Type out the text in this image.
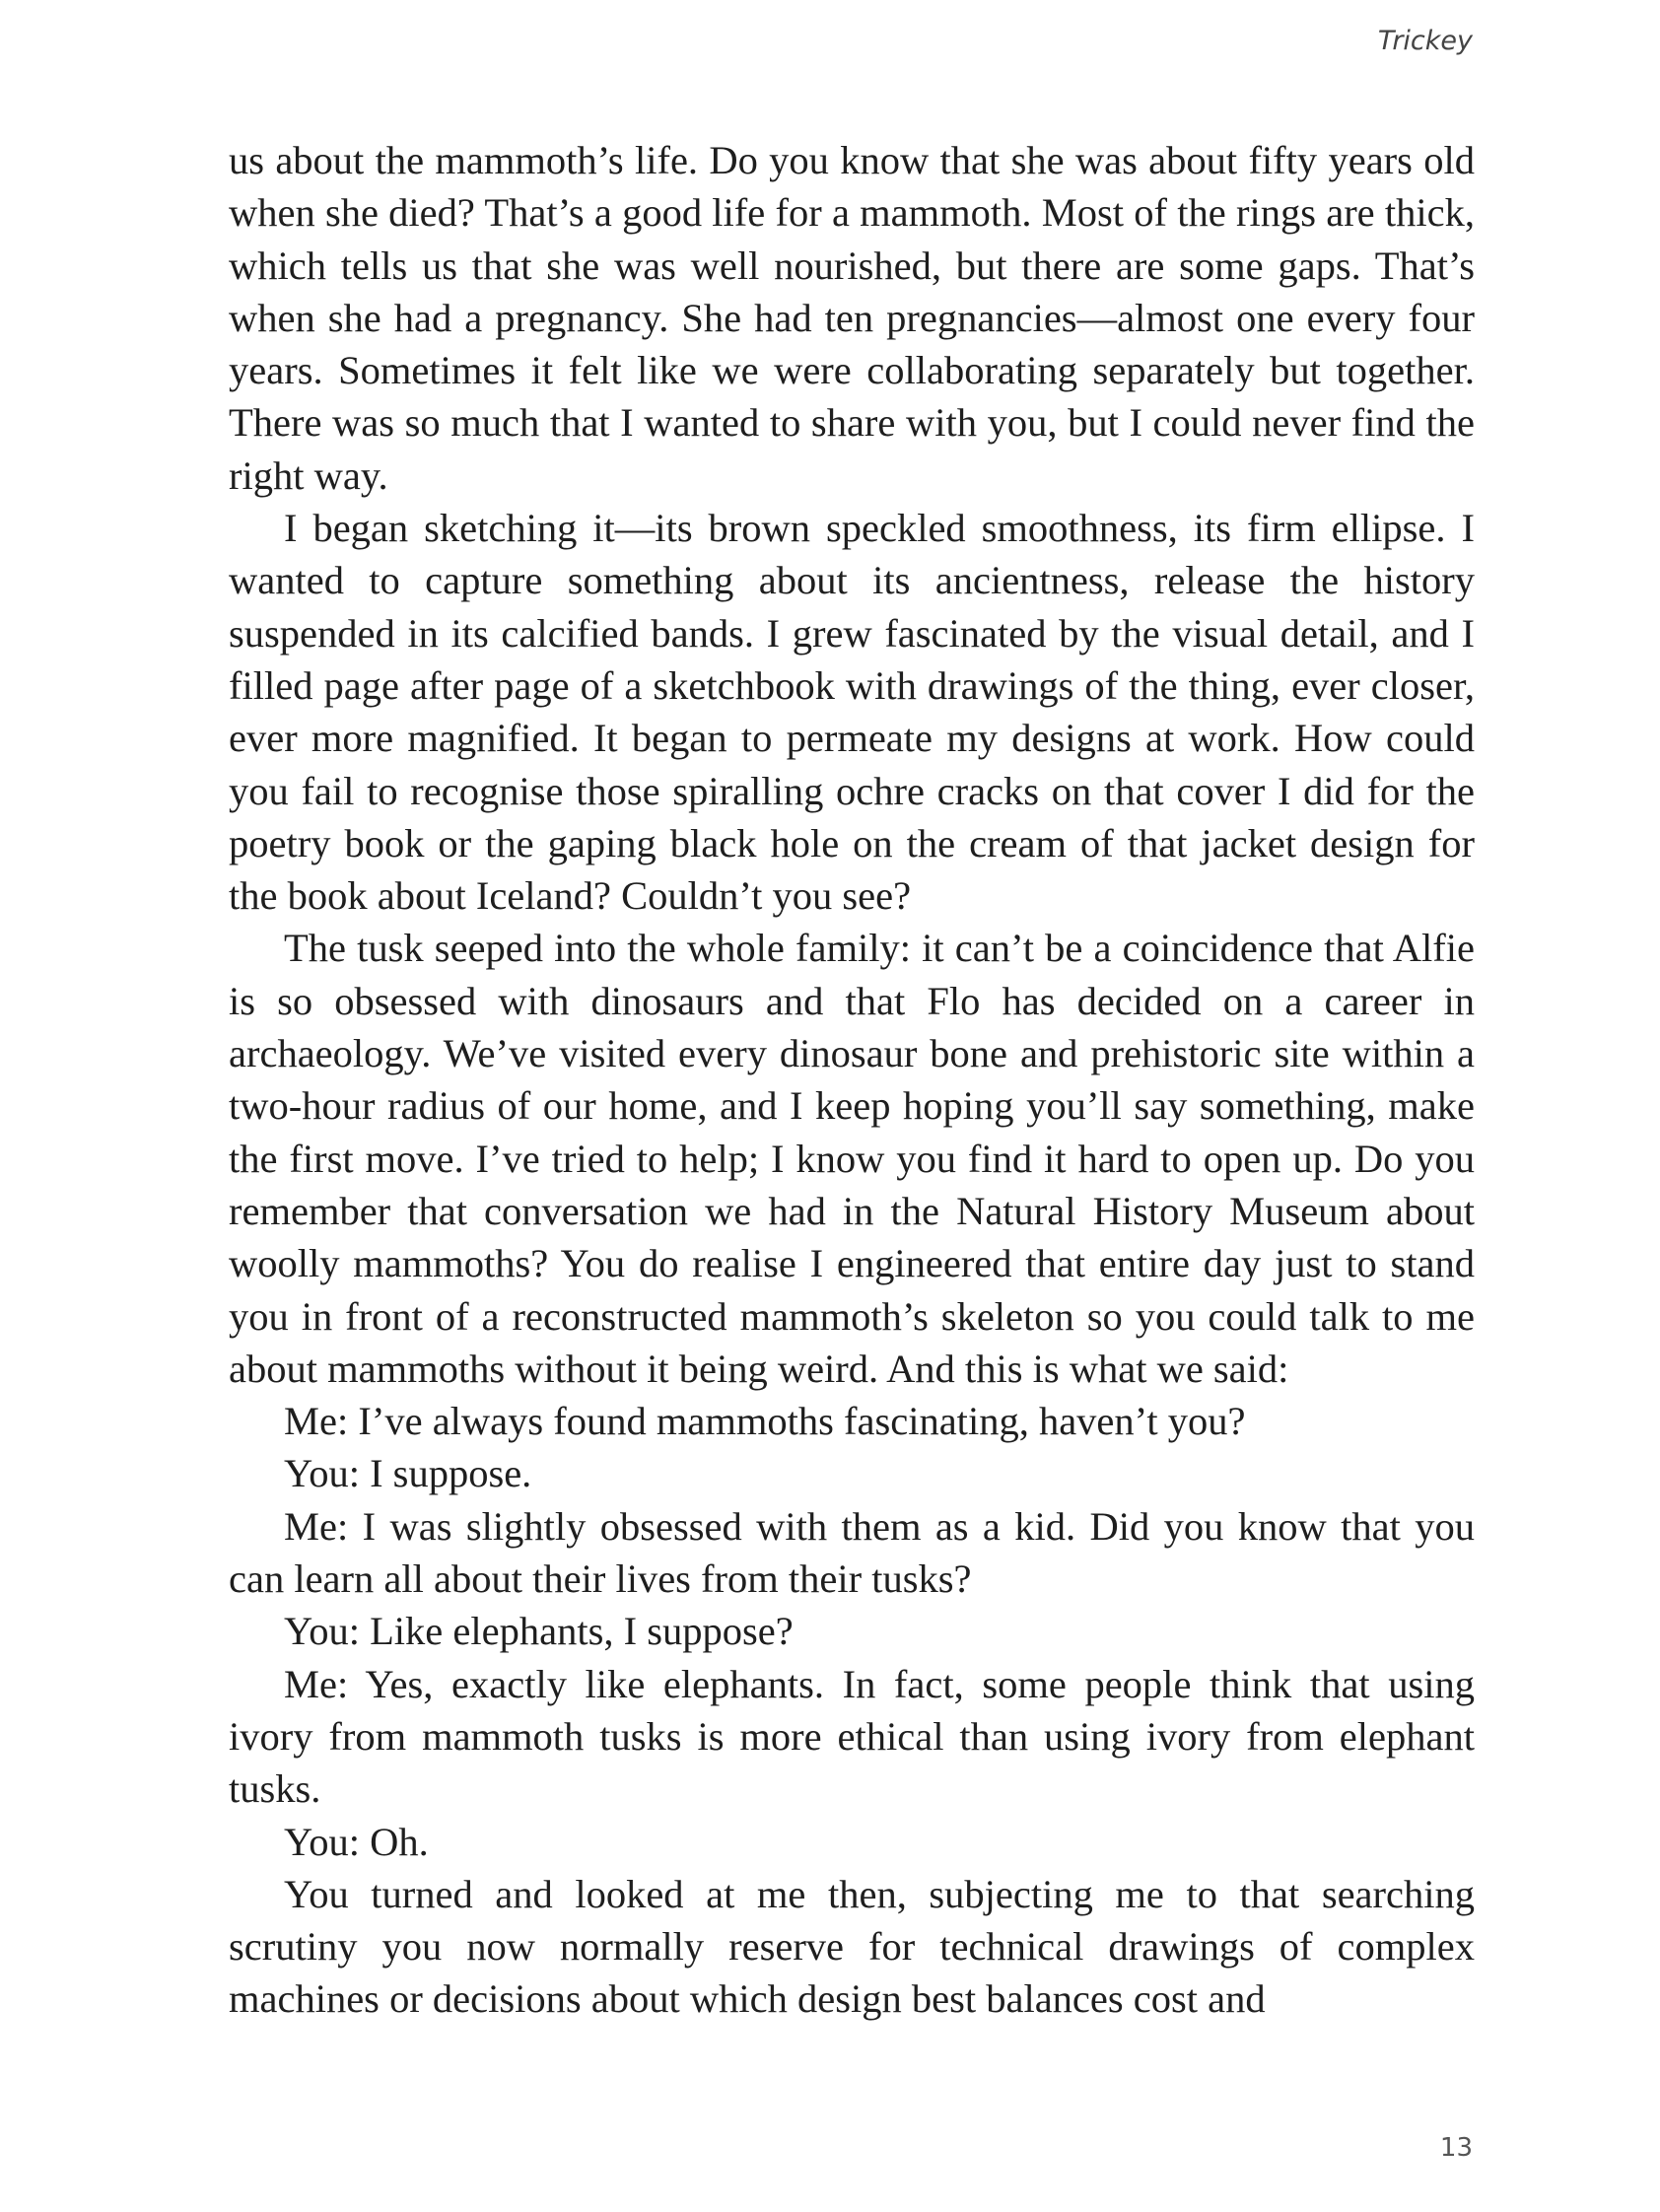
Trickey

us about the mammoth’s life. Do you know that she was about fifty years old when she died? That’s a good life for a mammoth. Most of the rings are thick, which tells us that she was well nourished, but there are some gaps. That’s when she had a pregnancy. She had ten pregnancies—almost one every four years. Sometimes it felt like we were collaborating separately but together. There was so much that I wanted to share with you, but I could never find the right way.

I began sketching it—its brown speckled smoothness, its firm ellipse. I wanted to capture something about its ancientness, release the history suspended in its calcified bands. I grew fascinated by the visual detail, and I filled page after page of a sketchbook with drawings of the thing, ever closer, ever more magnified. It began to permeate my designs at work. How could you fail to recognise those spiralling ochre cracks on that cover I did for the poetry book or the gaping black hole on the cream of that jacket design for the book about Iceland? Couldn’t you see?

The tusk seeped into the whole family: it can’t be a coincidence that Alfie is so obsessed with dinosaurs and that Flo has decided on a career in archaeology. We’ve visited every dinosaur bone and prehistoric site within a two-hour radius of our home, and I keep hoping you’ll say something, make the first move. I’ve tried to help; I know you find it hard to open up. Do you remember that conversation we had in the Natural History Museum about woolly mammoths? You do realise I engineered that entire day just to stand you in front of a reconstructed mammoth’s skeleton so you could talk to me about mammoths without it being weird. And this is what we said:

Me: I’ve always found mammoths fascinating, haven’t you?

You: I suppose.

Me: I was slightly obsessed with them as a kid. Did you know that you can learn all about their lives from their tusks?

You: Like elephants, I suppose?

Me: Yes, exactly like elephants. In fact, some people think that using ivory from mammoth tusks is more ethical than using ivory from elephant tusks.

You: Oh.

You turned and looked at me then, subjecting me to that searching scrutiny you now normally reserve for technical drawings of complex machines or decisions about which design best balances cost and

13
